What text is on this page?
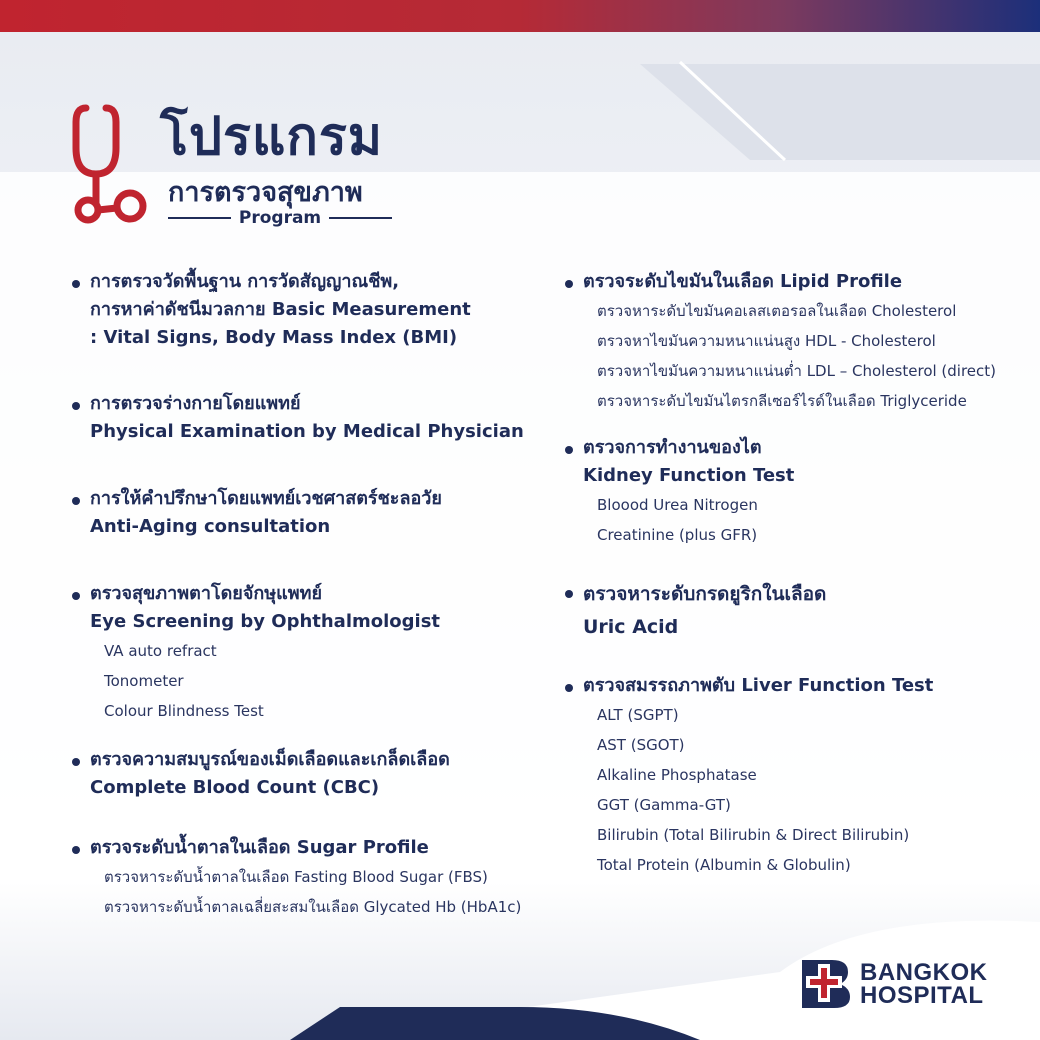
โปรแกรม
การตรวจสุขภาพ
Program
การตรวจวัดพื้นฐาน การวัดสัญญาณชีพ,
การหาค่าดัชนีมวลกาย Basic Measurement
: Vital Signs, Body Mass Index (BMI)
การตรวจร่างกายโดยแพทย์
Physical Examination by Medical Physician
การให้คำปรึกษาโดยแพทย์เวชศาสตร์ชะลอวัย
Anti-Aging consultation
ตรวจสุขภาพตาโดยจักษุแพทย์
Eye Screening by Ophthalmologist
VA auto refract
Tonometer
Colour Blindness Test
ตรวจความสมบูรณ์ของเม็ดเลือดและเกล็ดเลือด
Complete Blood Count (CBC)
ตรวจระดับน้ำตาลในเลือด Sugar Profile
ตรวจหาระดับน้ำตาลในเลือด Fasting Blood Sugar (FBS)
ตรวจหาระดับน้ำตาลเฉลี่ยสะสมในเลือด Glycated Hb (HbA1c)
ตรวจระดับไขมันในเลือด Lipid Profile
ตรวจหาระดับไขมันคอเลสเตอรอลในเลือด Cholesterol
ตรวจหาไขมันความหนาแน่นสูง HDL - Cholesterol
ตรวจหาไขมันความหนาแน่นต่ำ LDL – Cholesterol (direct)
ตรวจหาระดับไขมันไตรกลีเซอร์ไรด์ในเลือด Triglyceride
ตรวจการทำงานของไต
Kidney Function Test
Bloood Urea Nitrogen
Creatinine (plus GFR)
ตรวจหาระดับกรดยูริกในเลือด
Uric Acid
ตรวจสมรรถภาพตับ Liver Function Test
ALT (SGPT)
AST (SGOT)
Alkaline Phosphatase
GGT (Gamma-GT)
Bilirubin (Total Bilirubin & Direct Bilirubin)
Total Protein (Albumin & Globulin)
BANGKOK
HOSPITAL
